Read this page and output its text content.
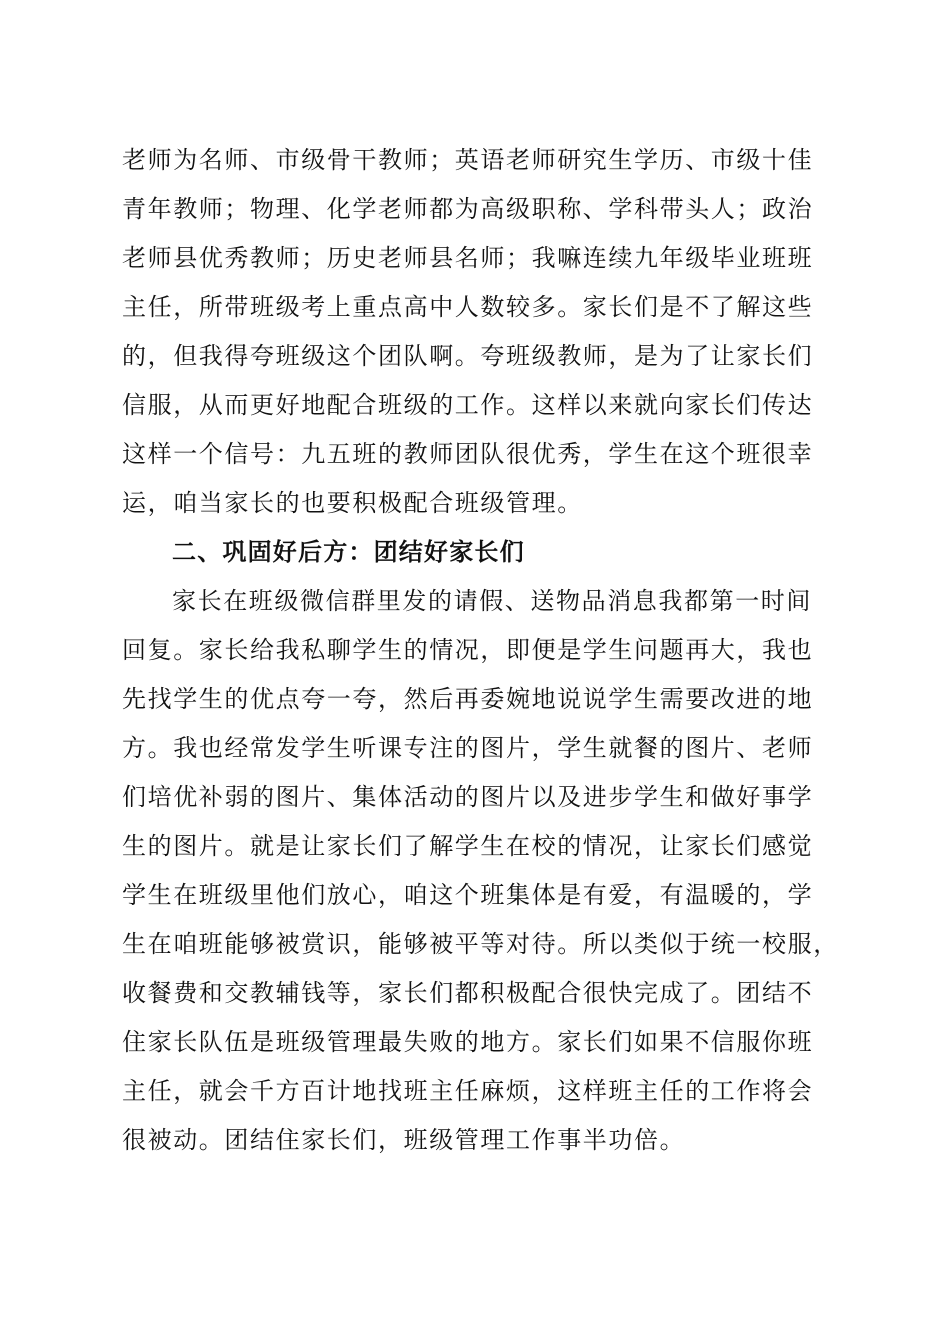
老师为名师、市级骨干教师；英语老师研究生学历、市级十佳
青年教师；物理、化学老师都为高级职称、学科带头人；政治
老师县优秀教师；历史老师县名师；我嘛连续九年级毕业班班
主任，所带班级考上重点高中人数较多。家长们是不了解这些
的，但我得夸班级这个团队啊。夸班级教师，是为了让家长们
信服，从而更好地配合班级的工作。这样以来就向家长们传达
这样一个信号：九五班的教师团队很优秀，学生在这个班很幸
运，咱当家长的也要积极配合班级管理。
二、巩固好后方：团结好家长们
家长在班级微信群里发的请假、送物品消息我都第一时间
回复。家长给我私聊学生的情况，即便是学生问题再大，我也
先找学生的优点夸一夸，然后再委婉地说说学生需要改进的地
方。我也经常发学生听课专注的图片，学生就餐的图片、老师
们培优补弱的图片、集体活动的图片以及进步学生和做好事学
生的图片。就是让家长们了解学生在校的情况，让家长们感觉
学生在班级里他们放心，咱这个班集体是有爱，有温暖的，学
生在咱班能够被赏识，能够被平等对待。所以类似于统一校服，
收餐费和交教辅钱等，家长们都积极配合很快完成了。团结不
住家长队伍是班级管理最失败的地方。家长们如果不信服你班
主任，就会千方百计地找班主任麻烦，这样班主任的工作将会
很被动。团结住家长们，班级管理工作事半功倍。
